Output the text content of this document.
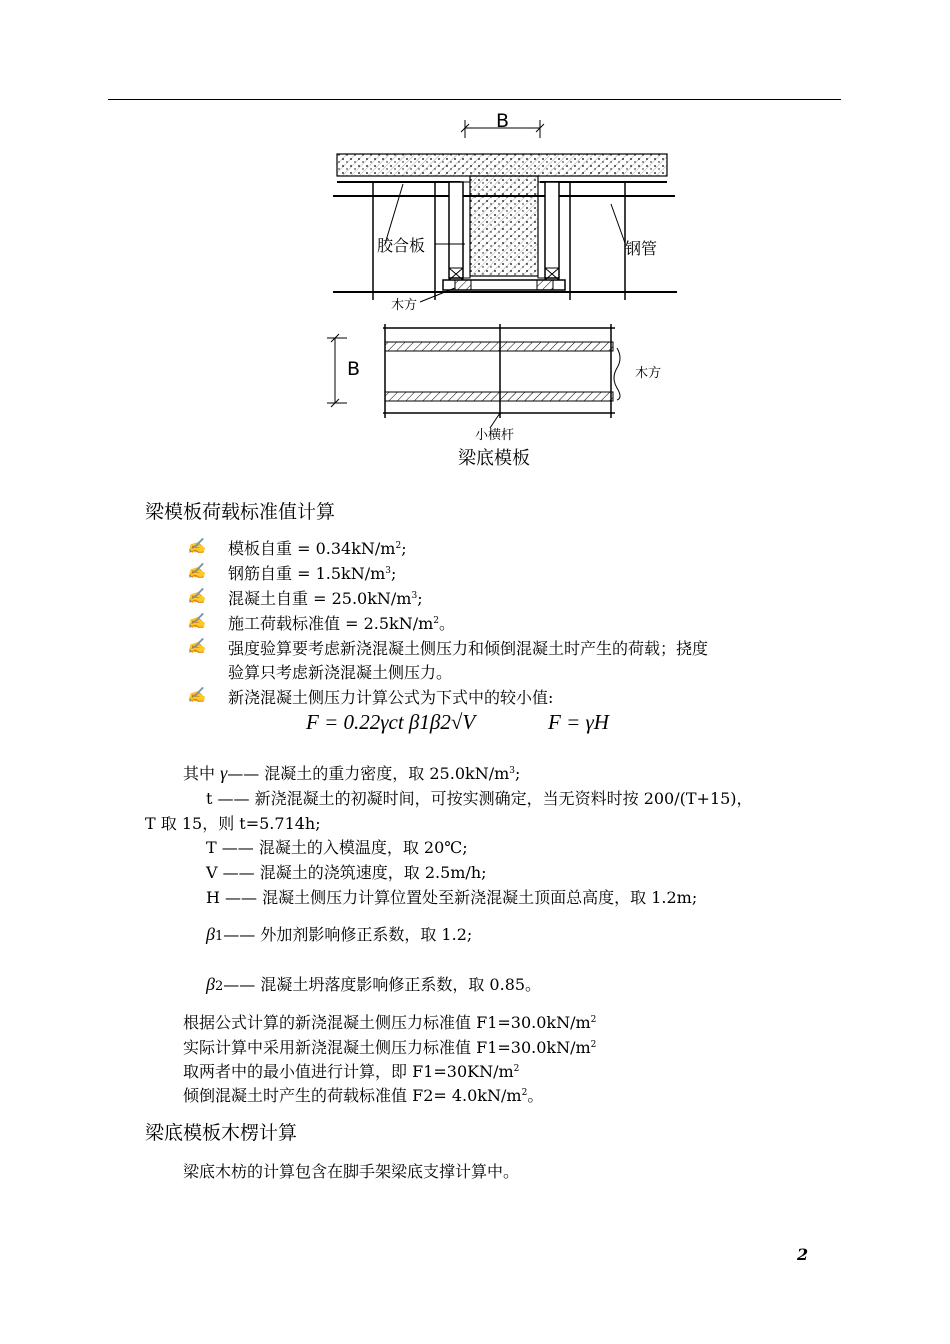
B
胶合板	钢管
木方
B	木方
小横杆
梁底模板
梁模板荷载标准值计算
✍ 模板自重 = $0.34kN/m^2$;
✍ 钢筋自重 = $1.5kN/m^3$;
✍ 混凝土自重 = $25.0kN/m^3$;
✍ 施工荷载标准值 = $2.5kN/m^2$。
✍ 强度验算要考虑新浇混凝土侧压力和倾倒混凝土时产生的荷载；挠度
验算只考虑新浇混凝土侧压力。
✍ 新浇混凝土侧压力计算公式为下式中的较小值:
F = 0.22γct β1β2√V	F = γH
其中 γ—— 混凝土的重力密度，取 $25.0kN/m^3$;
t —— 新浇混凝土的初凝时间，可按实测确定，当无资料时按 200/(T+15)，
T 取 15，则 t=5.714h;
T —— 混凝土的入模温度，取 20℃;
V —— 混凝土的浇筑速度，取 2.5m/h;
H —— 混凝土侧压力计算位置处至新浇混凝土顶面总高度，取 1.2m;
β1—— 外加剂影响修正系数，取 1.2;
β2—— 混凝土坍落度影响修正系数，取 0.85。
根据公式计算的新浇混凝土侧压力标准值 $F1=30.0kN/m^2$
实际计算中采用新浇混凝土侧压力标准值 $F1=30.0kN/m^2$
取两者中的最小值进行计算，即 $F1=30KN/m^2$
倾倒混凝土时产生的荷载标准值 $F2= 4.0kN/m^2$。
梁底模板木楞计算
梁底木枋的计算包含在脚手架梁底支撑计算中。
2
